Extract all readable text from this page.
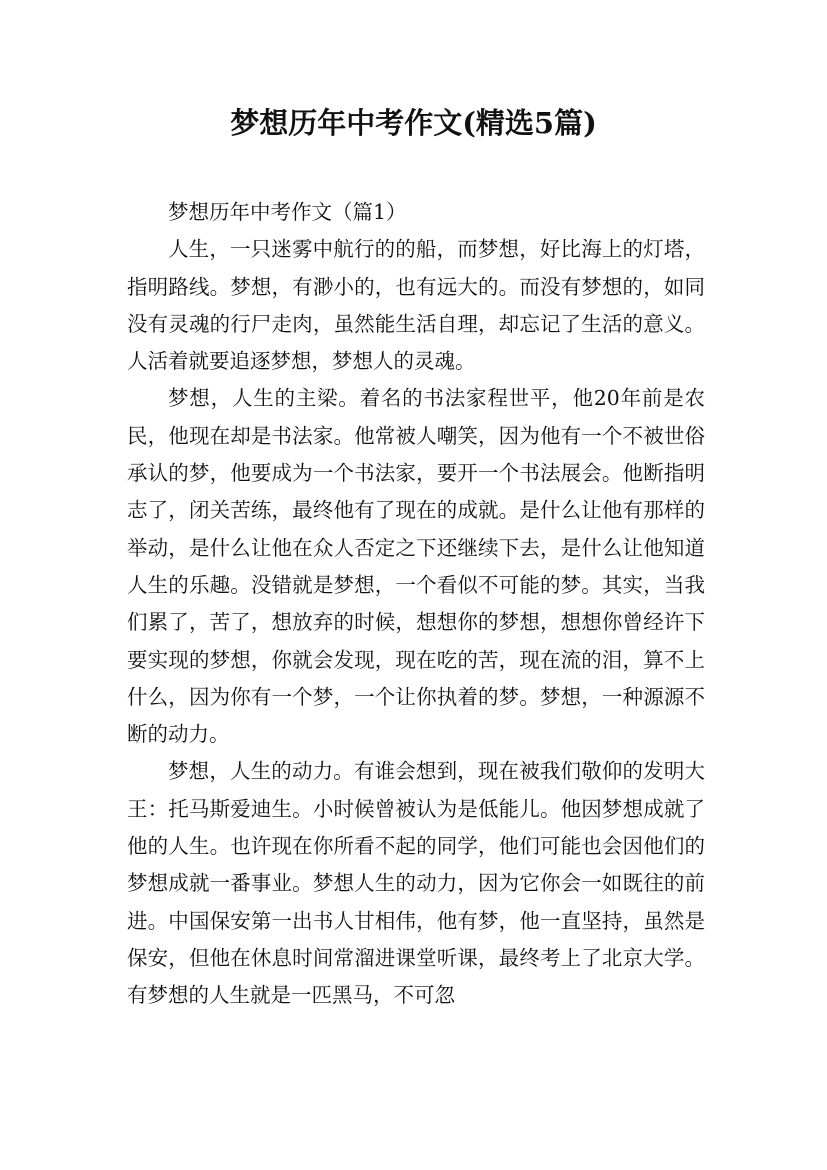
梦想历年中考作文(精选5篇)

梦想历年中考作文（篇1）

人生，一只迷雾中航行的的船，而梦想，好比海上的灯塔，指明路线。梦想，有渺小的，也有远大的。而没有梦想的，如同没有灵魂的行尸走肉，虽然能生活自理，却忘记了生活的意义。人活着就要追逐梦想，梦想人的灵魂。

梦想，人生的主梁。着名的书法家程世平，他20年前是农民，他现在却是书法家。他常被人嘲笑，因为他有一个不被世俗承认的梦，他要成为一个书法家，要开一个书法展会。他断指明志了，闭关苦练，最终他有了现在的成就。是什么让他有那样的举动，是什么让他在众人否定之下还继续下去，是什么让他知道人生的乐趣。没错就是梦想，一个看似不可能的梦。其实，当我们累了，苦了，想放弃的时候，想想你的梦想，想想你曾经许下要实现的梦想，你就会发现，现在吃的苦，现在流的泪，算不上什么，因为你有一个梦，一个让你执着的梦。梦想，一种源源不断的动力。

梦想，人生的动力。有谁会想到，现在被我们敬仰的发明大王：托马斯爱迪生。小时候曾被认为是低能儿。他因梦想成就了他的人生。也许现在你所看不起的同学，他们可能也会因他们的梦想成就一番事业。梦想人生的动力，因为它你会一如既往的前进。中国保安第一出书人甘相伟，他有梦，他一直坚持，虽然是保安，但他在休息时间常溜进课堂听课，最终考上了北京大学。有梦想的人生就是一匹黑马，不可忽
